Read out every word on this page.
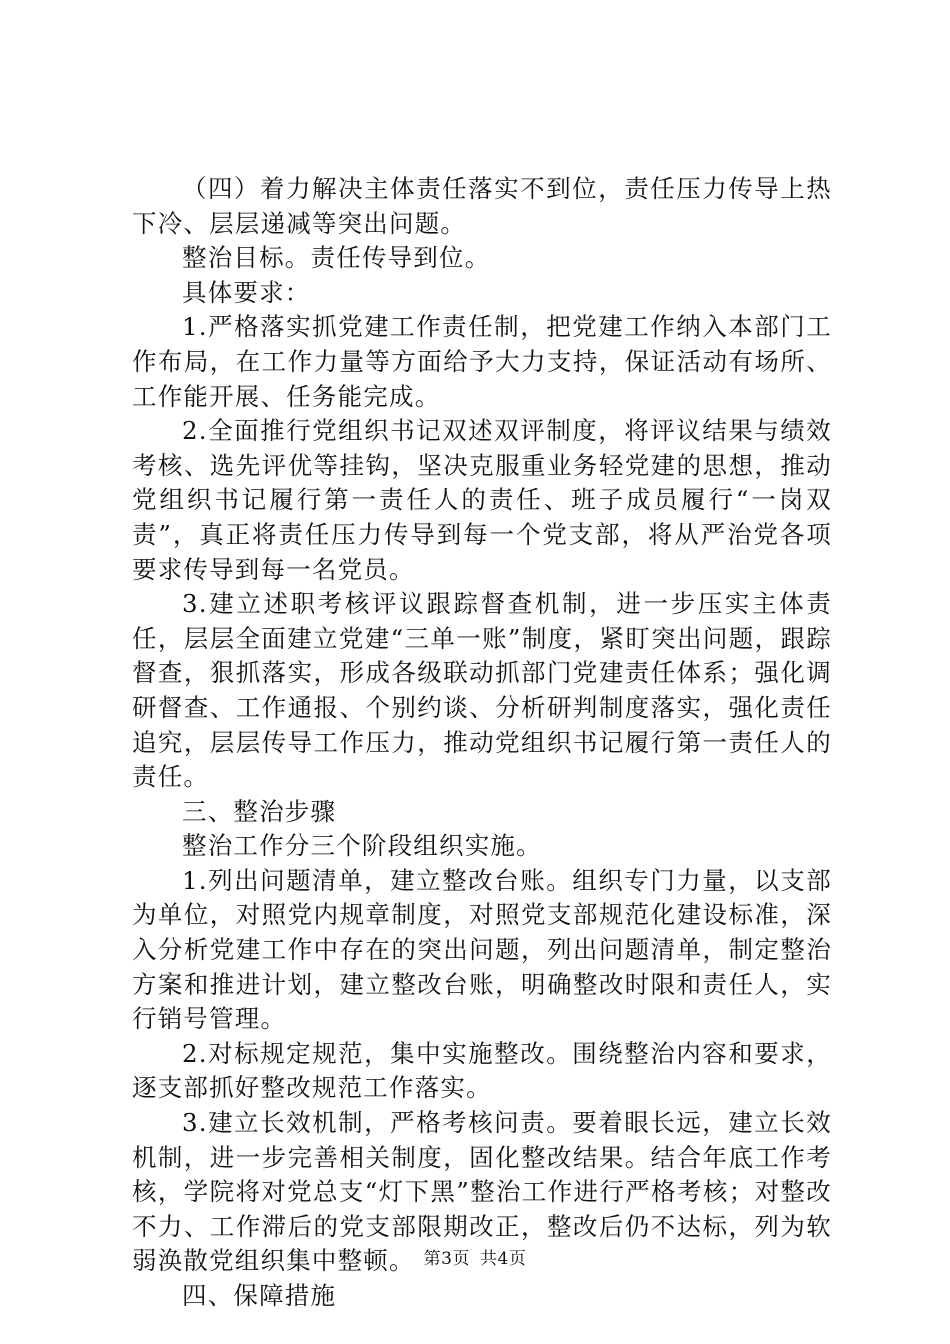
（四）着力解决主体责任落实不到位，责任压力传导上热下冷、层层递减等突出问题。

整治目标。责任传导到位。

具体要求：

1.严格落实抓党建工作责任制，把党建工作纳入本部门工作布局，在工作力量等方面给予大力支持，保证活动有场所、工作能开展、任务能完成。

2.全面推行党组织书记双述双评制度，将评议结果与绩效考核、选先评优等挂钩，坚决克服重业务轻党建的思想，推动党组织书记履行第一责任人的责任、班子成员履行“一岗双责”，真正将责任压力传导到每一个党支部，将从严治党各项要求传导到每一名党员。

3.建立述职考核评议跟踪督查机制，进一步压实主体责任，层层全面建立党建“三单一账”制度，紧盯突出问题，跟踪督查，狠抓落实，形成各级联动抓部门党建责任体系；强化调研督查、工作通报、个别约谈、分析研判制度落实，强化责任追究，层层传导工作压力，推动党组织书记履行第一责任人的责任。

三、整治步骤

整治工作分三个阶段组织实施。

1.列出问题清单，建立整改台账。组织专门力量，以支部为单位，对照党内规章制度，对照党支部规范化建设标准，深入分析党建工作中存在的突出问题，列出问题清单，制定整治方案和推进计划，建立整改台账，明确整改时限和责任人，实行销号管理。

2.对标规定规范，集中实施整改。围绕整治内容和要求，逐支部抓好整改规范工作落实。

3.建立长效机制，严格考核问责。要着眼长远，建立长效机制，进一步完善相关制度，固化整改结果。结合年底工作考核，学院将对党总支“灯下黑”整治工作进行严格考核；对整改不力、工作滞后的党支部限期改正，整改后仍不达标，列为软弱涣散党组织集中整顿。

四、保障措施

第3页 共4页
